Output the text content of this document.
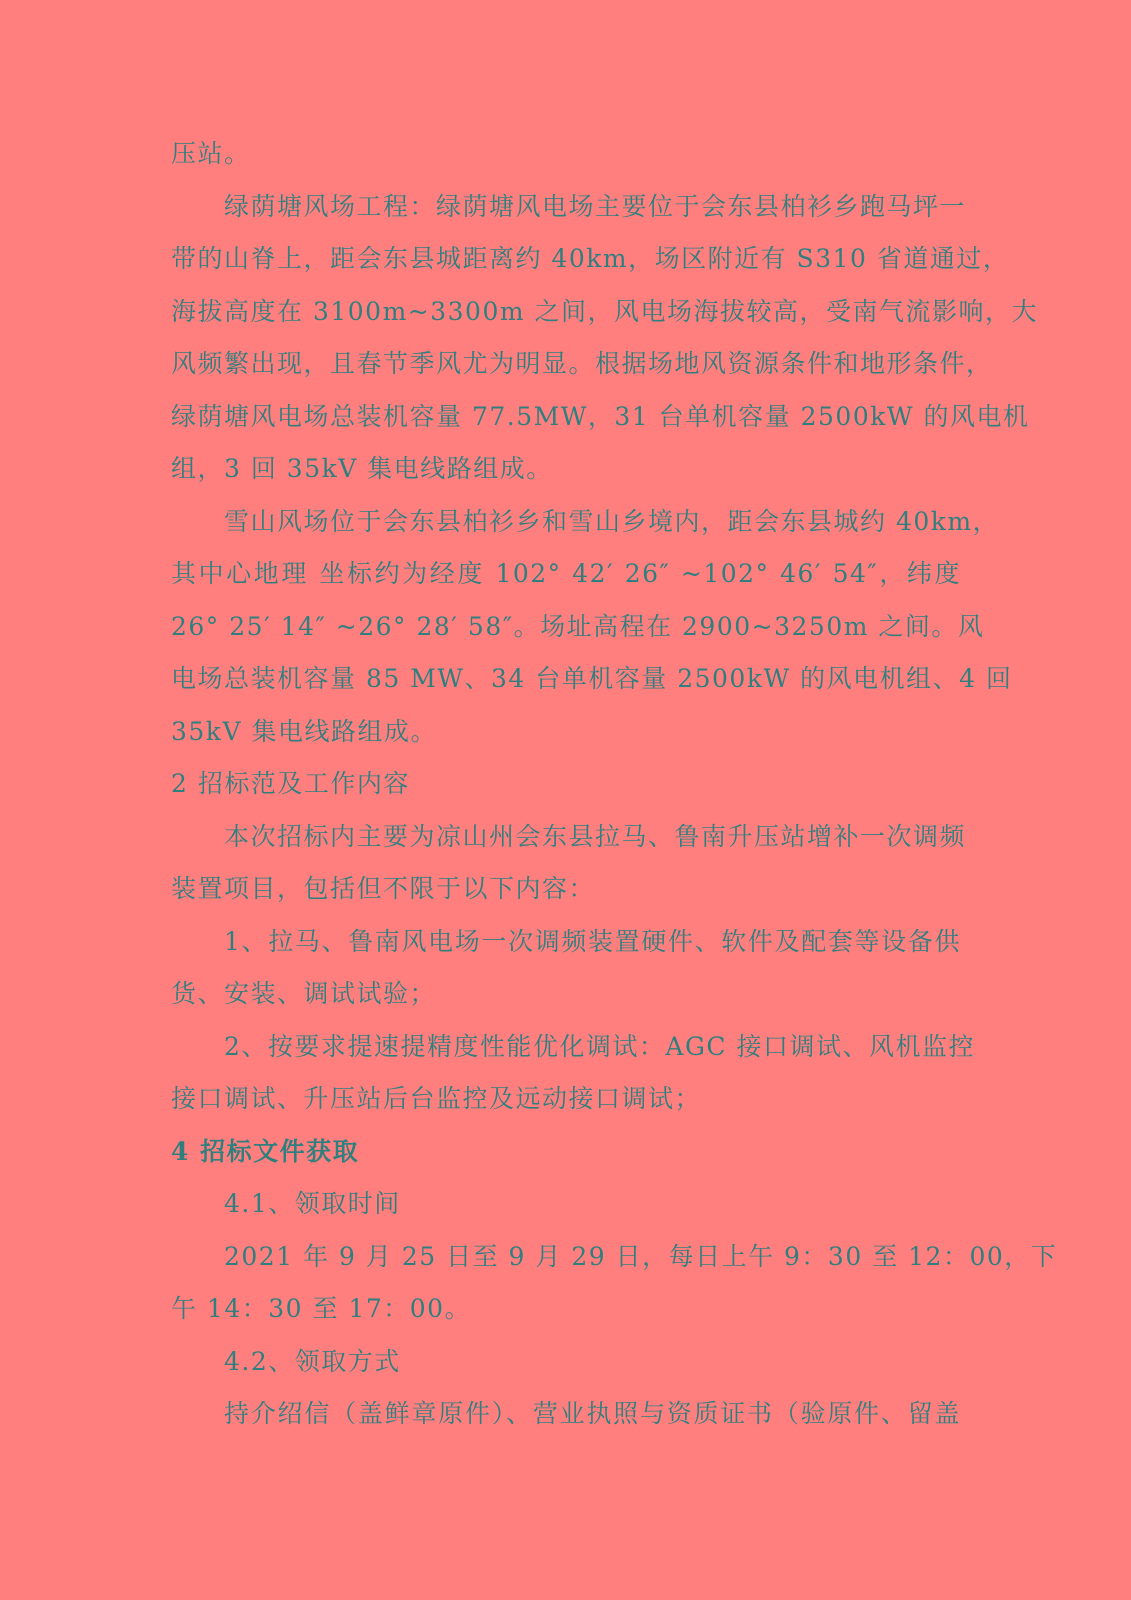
压站。
绿荫塘风场工程：绿荫塘风电场主要位于会东县柏衫乡跑马坪一
带的山脊上，距会东县城距离约 40km，场区附近有 S310 省道通过，
海拔高度在 3100m~3300m 之间，风电场海拔较高，受南气流影响，大
风频繁出现，且春节季风尤为明显。根据场地风资源条件和地形条件，
绿荫塘风电场总装机容量 77.5MW，31 台单机容量 2500kW 的风电机
组，3 回 35kV 集电线路组成。
雪山风场位于会东县柏衫乡和雪山乡境内，距会东县城约 40km，
其中心地理 坐标约为经度 102° 42′ 26″ ~102° 46′ 54″，纬度
26° 25′ 14″ ~26° 28′ 58″。场址高程在 2900~3250m 之间。风
电场总装机容量 85 MW、34 台单机容量 2500kW 的风电机组、4 回
35kV 集电线路组成。
2 招标范及工作内容
本次招标内主要为凉山州会东县拉马、鲁南升压站增补一次调频
装置项目，包括但不限于以下内容：
1、拉马、鲁南风电场一次调频装置硬件、软件及配套等设备供
货、安装、调试试验；
2、按要求提速提精度性能优化调试：AGC 接口调试、风机监控
接口调试、升压站后台监控及远动接口调试；
4 招标文件获取
4.1、领取时间
2021 年 9 月 25 日至 9 月 29 日，每日上午 9：30 至 12：00，下
午 14：30 至 17：00。
4.2、领取方式
持介绍信（盖鲜章原件）、营业执照与资质证书（验原件、留盖
